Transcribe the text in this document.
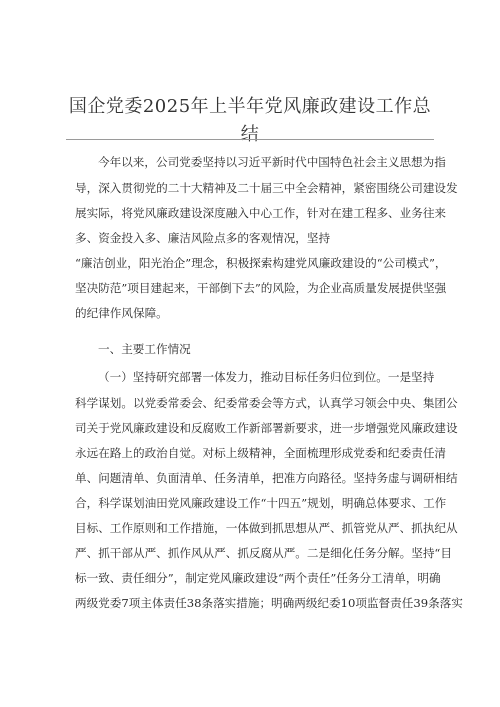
国企党委2025年上半年党风廉政建设工作总
结
今年以来，公司党委坚持以习近平新时代中国特色社会主义思想为指
导，深入贯彻党的二十大精神及二十届三中全会精神，紧密围绕公司建设发
展实际，将党风廉政建设深度融入中心工作，针对在建工程多、业务往来
多、资金投入多、廉洁风险点多的客观情况，坚持
“廉洁创业，阳光治企”理念，积极探索构建党风廉政建设的“公司模式”，
坚决防范”项目建起来，干部倒下去”的风险，为企业高质量发展提供坚强
的纪律作风保障。
一、主要工作情况
（一）坚持研究部署一体发力，推动目标任务归位到位。一是坚持
科学谋划。以党委常委会、纪委常委会等方式，认真学习领会中央、集团公
司关于党风廉政建设和反腐败工作新部署新要求，进一步增强党风廉政建设
永远在路上的政治自觉。对标上级精神，全面梳理形成党委和纪委责任清
单、问题清单、负面清单、任务清单，把准方向路径。坚持务虚与调研相结
合，科学谋划油田党风廉政建设工作“十四五”规划，明确总体要求、工作
目标、工作原则和工作措施，一体做到抓思想从严、抓管党从严、抓执纪从
严、抓干部从严、抓作风从严、抓反腐从严。二是细化任务分解。坚持“目
标一致、责任细分”，制定党风廉政建设“两个责任”任务分工清单，明确
两级党委7项主体责任38条落实措施；明确两级纪委10项监督责任39条落实
